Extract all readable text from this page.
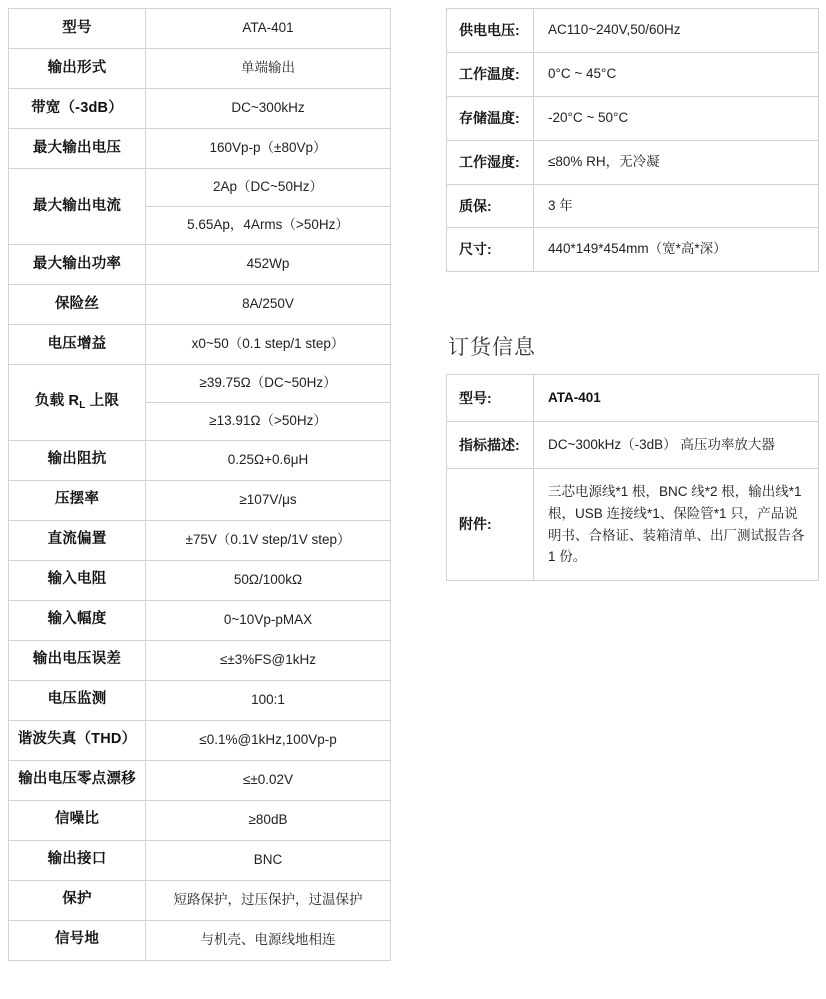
型号	ATA-401
输出形式	单端输出
带宽（-3dB）	DC~300kHz
最大输出电压	160Vp-p（±80Vp）
最大输出电流	2Ap（DC~50Hz）
	5.65Ap，4Arms（>50Hz）
最大输出功率	452Wp
保险丝	8A/250V
电压增益	x0~50（0.1 step/1 step）
负载 $R_L$ 上限	≥39.75Ω（DC~50Hz）
	≥13.91Ω（>50Hz）
输出阻抗	0.25Ω+0.6μH
压摆率	≥107V/μs
直流偏置	±75V（0.1V step/1V step）
输入电阻	50Ω/100kΩ
输入幅度	0~10Vp-pMAX
输出电压误差	≤±3%FS@1kHz
电压监测	100:1
谐波失真（THD）	≤0.1%@1kHz,100Vp-p
输出电压零点漂移	≤±0.02V
信噪比	≥80dB
输出接口	BNC
保护	短路保护，过压保护，过温保护
信号地	与机壳、电源线地相连
供电电压:	AC110~240V,50/60Hz
工作温度:	0°C ~ 45°C
存储温度:	-20°C ~ 50°C
工作湿度:	≤80% RH，无冷凝
质保:	3 年
尺寸:	440*149*454mm（宽*高*深）
订货信息
型号:	ATA-401
指标描述:	DC~300kHz（-3dB） 高压功率放大器
附件:	三芯电源线*1 根，BNC 线*2 根，输出线*1 根，USB 连接线*1、保险管*1 只，产品说明书、合格证、装箱清单、出厂测试报告各 1 份。
